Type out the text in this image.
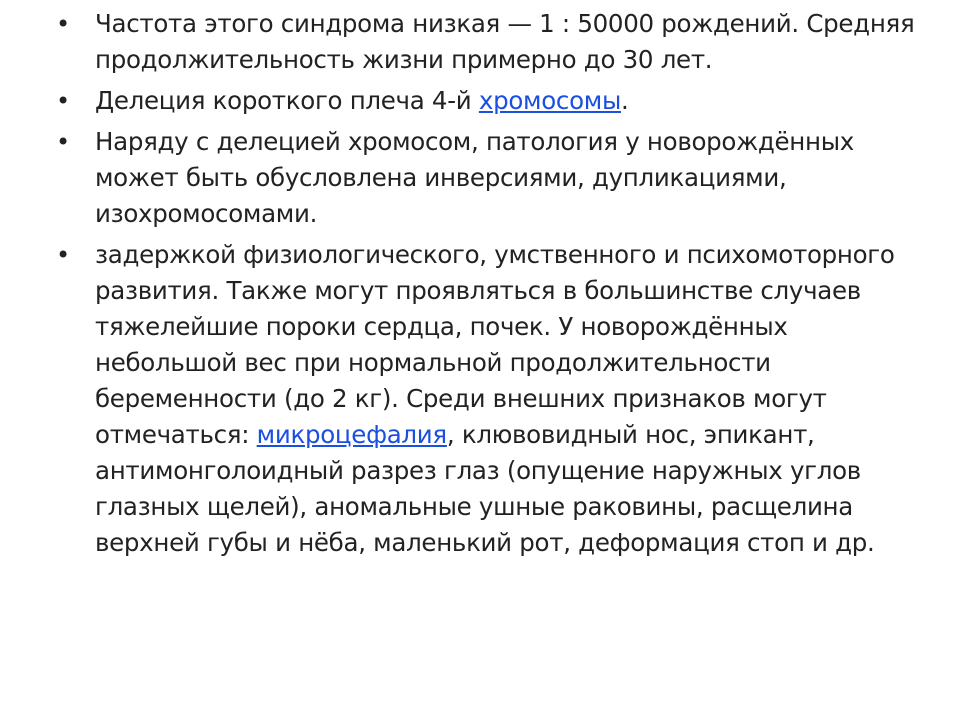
• Частота этого синдрома низкая — 1 : 50000 рождений. Средняя продолжительность жизни примерно до 30 лет.
• Делеция короткого плеча 4-й хромосомы.
• Наряду с делецией хромосом, патология у новорождённых может быть обусловлена инверсиями, дупликациями, изохромосомами.
• задержкой физиологического, умственного и психомоторного развития. Также могут проявляться в большинстве случаев тяжелейшие пороки сердца, почек. У новорождённых небольшой вес при нормальной продолжительности беременности (до 2 кг). Среди внешних признаков могут отмечаться: микроцефалия, клювовидный нос, эпикант, антимонголоидный разрез глаз (опущение наружных углов глазных щелей), аномальные ушные раковины, расщелина верхней губы и нёба, маленький рот, деформация стоп и др.
